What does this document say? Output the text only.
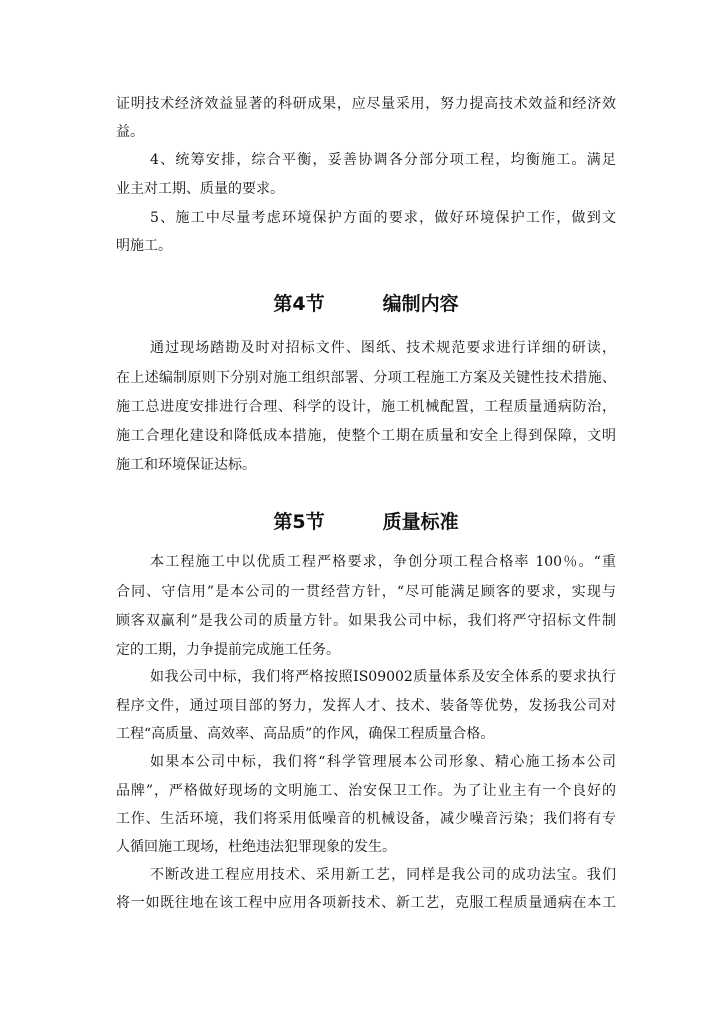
证明技术经济效益显著的科研成果，应尽量采用，努力提高技术效益和经济效
益。
4、统筹安排，综合平衡，妥善协调各分部分项工程，均衡施工。满足
业主对工期、质量的要求。
5、施工中尽量考虑环境保护方面的要求，做好环境保护工作，做到文
明施工。
第4节	编制内容
通过现场踏勘及时对招标文件、图纸、技术规范要求进行详细的研读，
在上述编制原则下分别对施工组织部署、分项工程施工方案及关键性技术措施、
施工总进度安排进行合理、科学的设计，施工机械配置，工程质量通病防治，
施工合理化建设和降低成本措施，使整个工期在质量和安全上得到保障，文明
施工和环境保证达标。
第5节	质量标准
本工程施工中以优质工程严格要求，争创分项工程合格率 100％。“重
合同、守信用”是本公司的一贯经营方针，“尽可能满足顾客的要求，实现与
顾客双赢利”是我公司的质量方针。如果我公司中标，我们将严守招标文件制
定的工期，力争提前完成施工任务。
如我公司中标，我们将严格按照IS09002质量体系及安全体系的要求执行
程序文件，通过项目部的努力，发挥人才、技术、装备等优势，发扬我公司对
工程“高质量、高效率、高品质”的作风，确保工程质量合格。
如果本公司中标，我们将“科学管理展本公司形象、精心施工扬本公司
品牌”，严格做好现场的文明施工、治安保卫工作。为了让业主有一个良好的
工作、生活环境，我们将采用低噪音的机械设备，减少噪音污染；我们将有专
人循回施工现场，杜绝违法犯罪现象的发生。
不断改进工程应用技术、采用新工艺，同样是我公司的成功法宝。我们
将一如既往地在该工程中应用各项新技术、新工艺，克服工程质量通病在本工
